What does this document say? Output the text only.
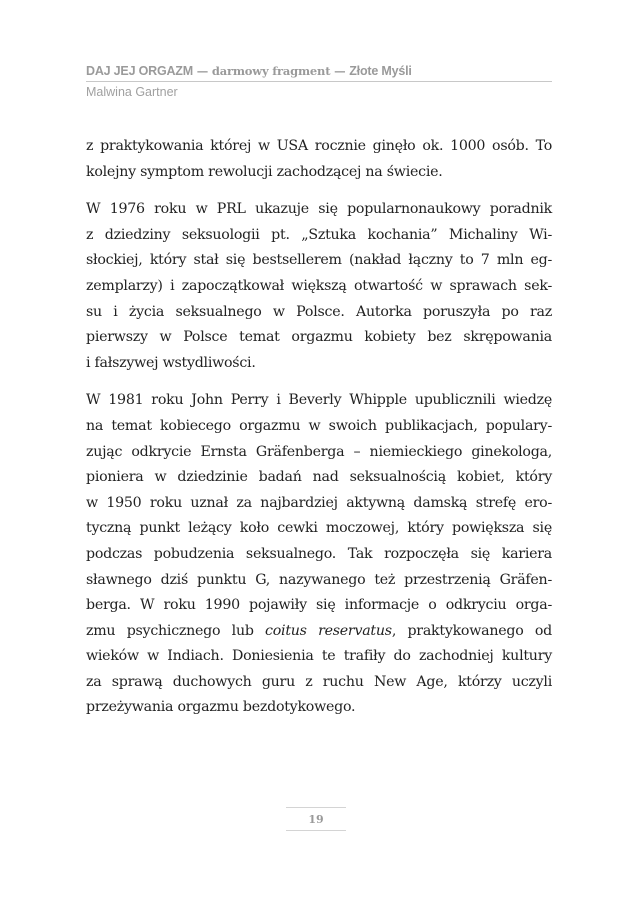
DAJ JEJ ORGAZM — darmowy fragment — Złote Myśli
Malwina Gartner

z praktykowania której w USA rocznie ginęło ok. 1000 osób. To
kolejny symptom rewolucji zachodzącej na świecie.

W 1976 roku w PRL ukazuje się popularnonaukowy poradnik
z dziedziny seksuologii pt. „Sztuka kochania” Michaliny Wi-
słockiej, który stał się bestsellerem (nakład łączny to 7 mln eg-
zemplarzy) i zapoczątkował większą otwartość w sprawach sek-
su i życia seksualnego w Polsce. Autorka poruszyła po raz
pierwszy w Polsce temat orgazmu kobiety bez skrępowania
i fałszywej wstydliwości.

W 1981 roku John Perry i Beverly Whipple upublicznili wiedzę
na temat kobiecego orgazmu w swoich publikacjach, populary-
zując odkrycie Ernsta Gräfenberga – niemieckiego ginekologa,
pioniera w dziedzinie badań nad seksualnością kobiet, który
w 1950 roku uznał za najbardziej aktywną damską strefę ero-
tyczną punkt leżący koło cewki moczowej, który powiększa się
podczas pobudzenia seksualnego. Tak rozpoczęła się kariera
sławnego dziś punktu G, nazywanego też przestrzenią Gräfen-
berga. W roku 1990 pojawiły się informacje o odkryciu orga-
zmu psychicznego lub coitus reservatus, praktykowanego od
wieków w Indiach. Doniesienia te trafiły do zachodniej kultury
za sprawą duchowych guru z ruchu New Age, którzy uczyli
przeżywania orgazmu bezdotykowego.

19
